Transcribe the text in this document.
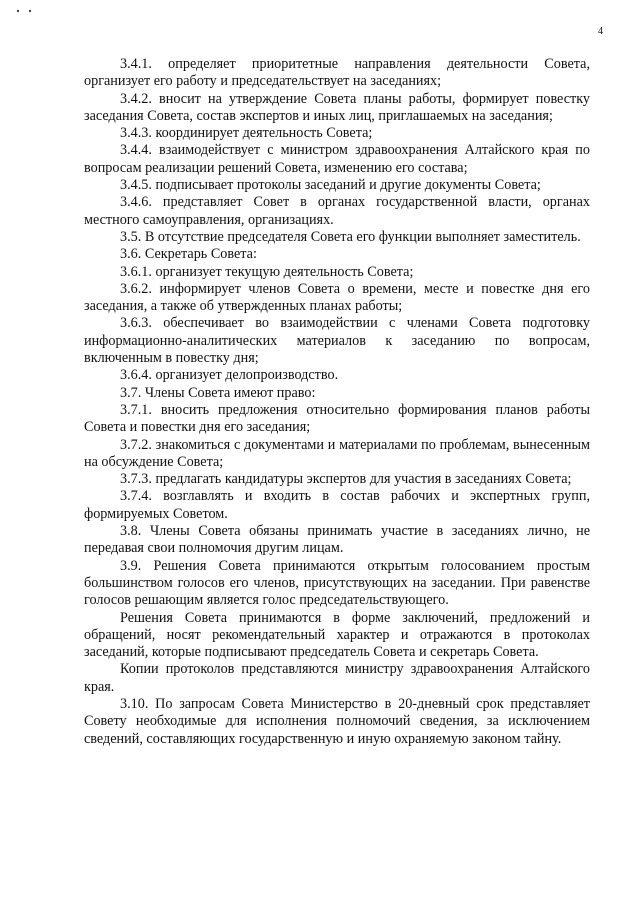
4

3.4.1. определяет приоритетные направления деятельности Совета, организует его работу и председательствует на заседаниях;

3.4.2. вносит на утверждение Совета планы работы, формирует повестку заседания Совета, состав экспертов и иных лиц, приглашаемых на заседания;

3.4.3. координирует деятельность Совета;

3.4.4. взаимодействует с министром здравоохранения Алтайского края по вопросам реализации решений Совета, изменению его состава;

3.4.5. подписывает протоколы заседаний и другие документы Совета;

3.4.6. представляет Совет в органах государственной власти, органах местного самоуправления, организациях.

3.5. В отсутствие председателя Совета его функции выполняет заместитель.

3.6. Секретарь Совета:

3.6.1. организует текущую деятельность Совета;

3.6.2. информирует членов Совета о времени, месте и повестке дня его заседания, а также об утвержденных планах работы;

3.6.3. обеспечивает во взаимодействии с членами Совета подготовку информационно-аналитических материалов к заседанию по вопросам, включенным в повестку дня;

3.6.4. организует делопроизводство.

3.7. Члены Совета имеют право:

3.7.1. вносить предложения относительно формирования планов работы Совета и повестки дня его заседания;

3.7.2. знакомиться с документами и материалами по проблемам, вынесенным на обсуждение Совета;

3.7.3. предлагать кандидатуры экспертов для участия в заседаниях Совета;

3.7.4. возглавлять и входить в состав рабочих и экспертных групп, формируемых Советом.

3.8. Члены Совета обязаны принимать участие в заседаниях лично, не передавая свои полномочия другим лицам.

3.9. Решения Совета принимаются открытым голосованием простым большинством голосов его членов, присутствующих на заседании. При равенстве голосов решающим является голос председательствующего.

Решения Совета принимаются в форме заключений, предложений и обращений, носят рекомендательный характер и отражаются в протоколах заседаний, которые подписывают председатель Совета и секретарь Совета.

Копии протоколов представляются министру здравоохранения Алтайского края.

3.10. По запросам Совета Министерство в 20-дневный срок представляет Совету необходимые для исполнения полномочий сведения, за исключением сведений, составляющих государственную и иную охраняемую законом тайну.
